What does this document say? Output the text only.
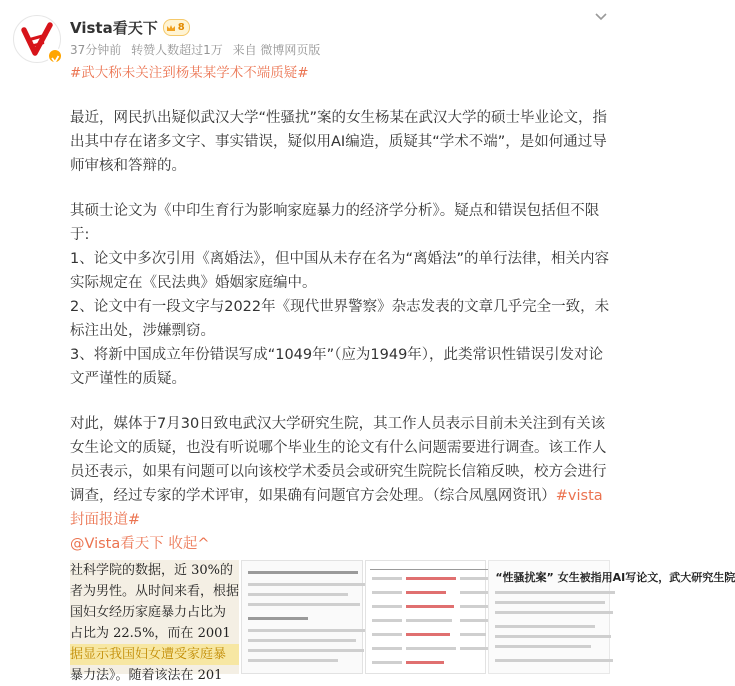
Vista看天下 8
37分钟前 转赞人数超过1万 来自 微博网页版
#武大称未关注到杨某某学术不端质疑#

最近，网民扒出疑似武汉大学“性骚扰”案的女生杨某在武汉大学的硕士毕业论文，指出其中存在诸多文字、事实错误，疑似用AI编造，质疑其“学术不端”，是如何通过导师审核和答辩的。

其硕士论文为《中印生育行为影响家庭暴力的经济学分析》。疑点和错误包括但不限于:

1、论文中多次引用《离婚法》，但中国从未存在名为“离婚法”的单行法律，相关内容实际规定在《民法典》婚姻家庭编中。

2、论文中有一段文字与2022年《现代世界警察》杂志发表的文章几乎完全一致，未标注出处，涉嫌剽窃。

3、将新中国成立年份错误写成“1049年”（应为1949年），此类常识性错误引发对论文严谨性的质疑。

对此，媒体于7月30日致电武汉大学研究生院，其工作人员表示目前未关注到有关该女生论文的质疑，也没有听说哪个毕业生的论文有什么问题需要进行调查。该工作人员还表示，如果有问题可以向该校学术委员会或研究生院院长信箱反映，校方会进行调查，经过专家的学术评审，如果确有问题官方会处理。（综合凤凰网资讯）#vista封面报道#

@Vista看天下 收起^

社科学院的数据，近 30%的
者为男性。从时间来看，根据
国妇女经历家庭暴力占比为
占比为 22.5%，而在 2001
据显示我国妇女遭受家庭暴
暴力法》。随着该法在 201
“性骚扰案” 女生被指用AI写论文，武大研究生院
